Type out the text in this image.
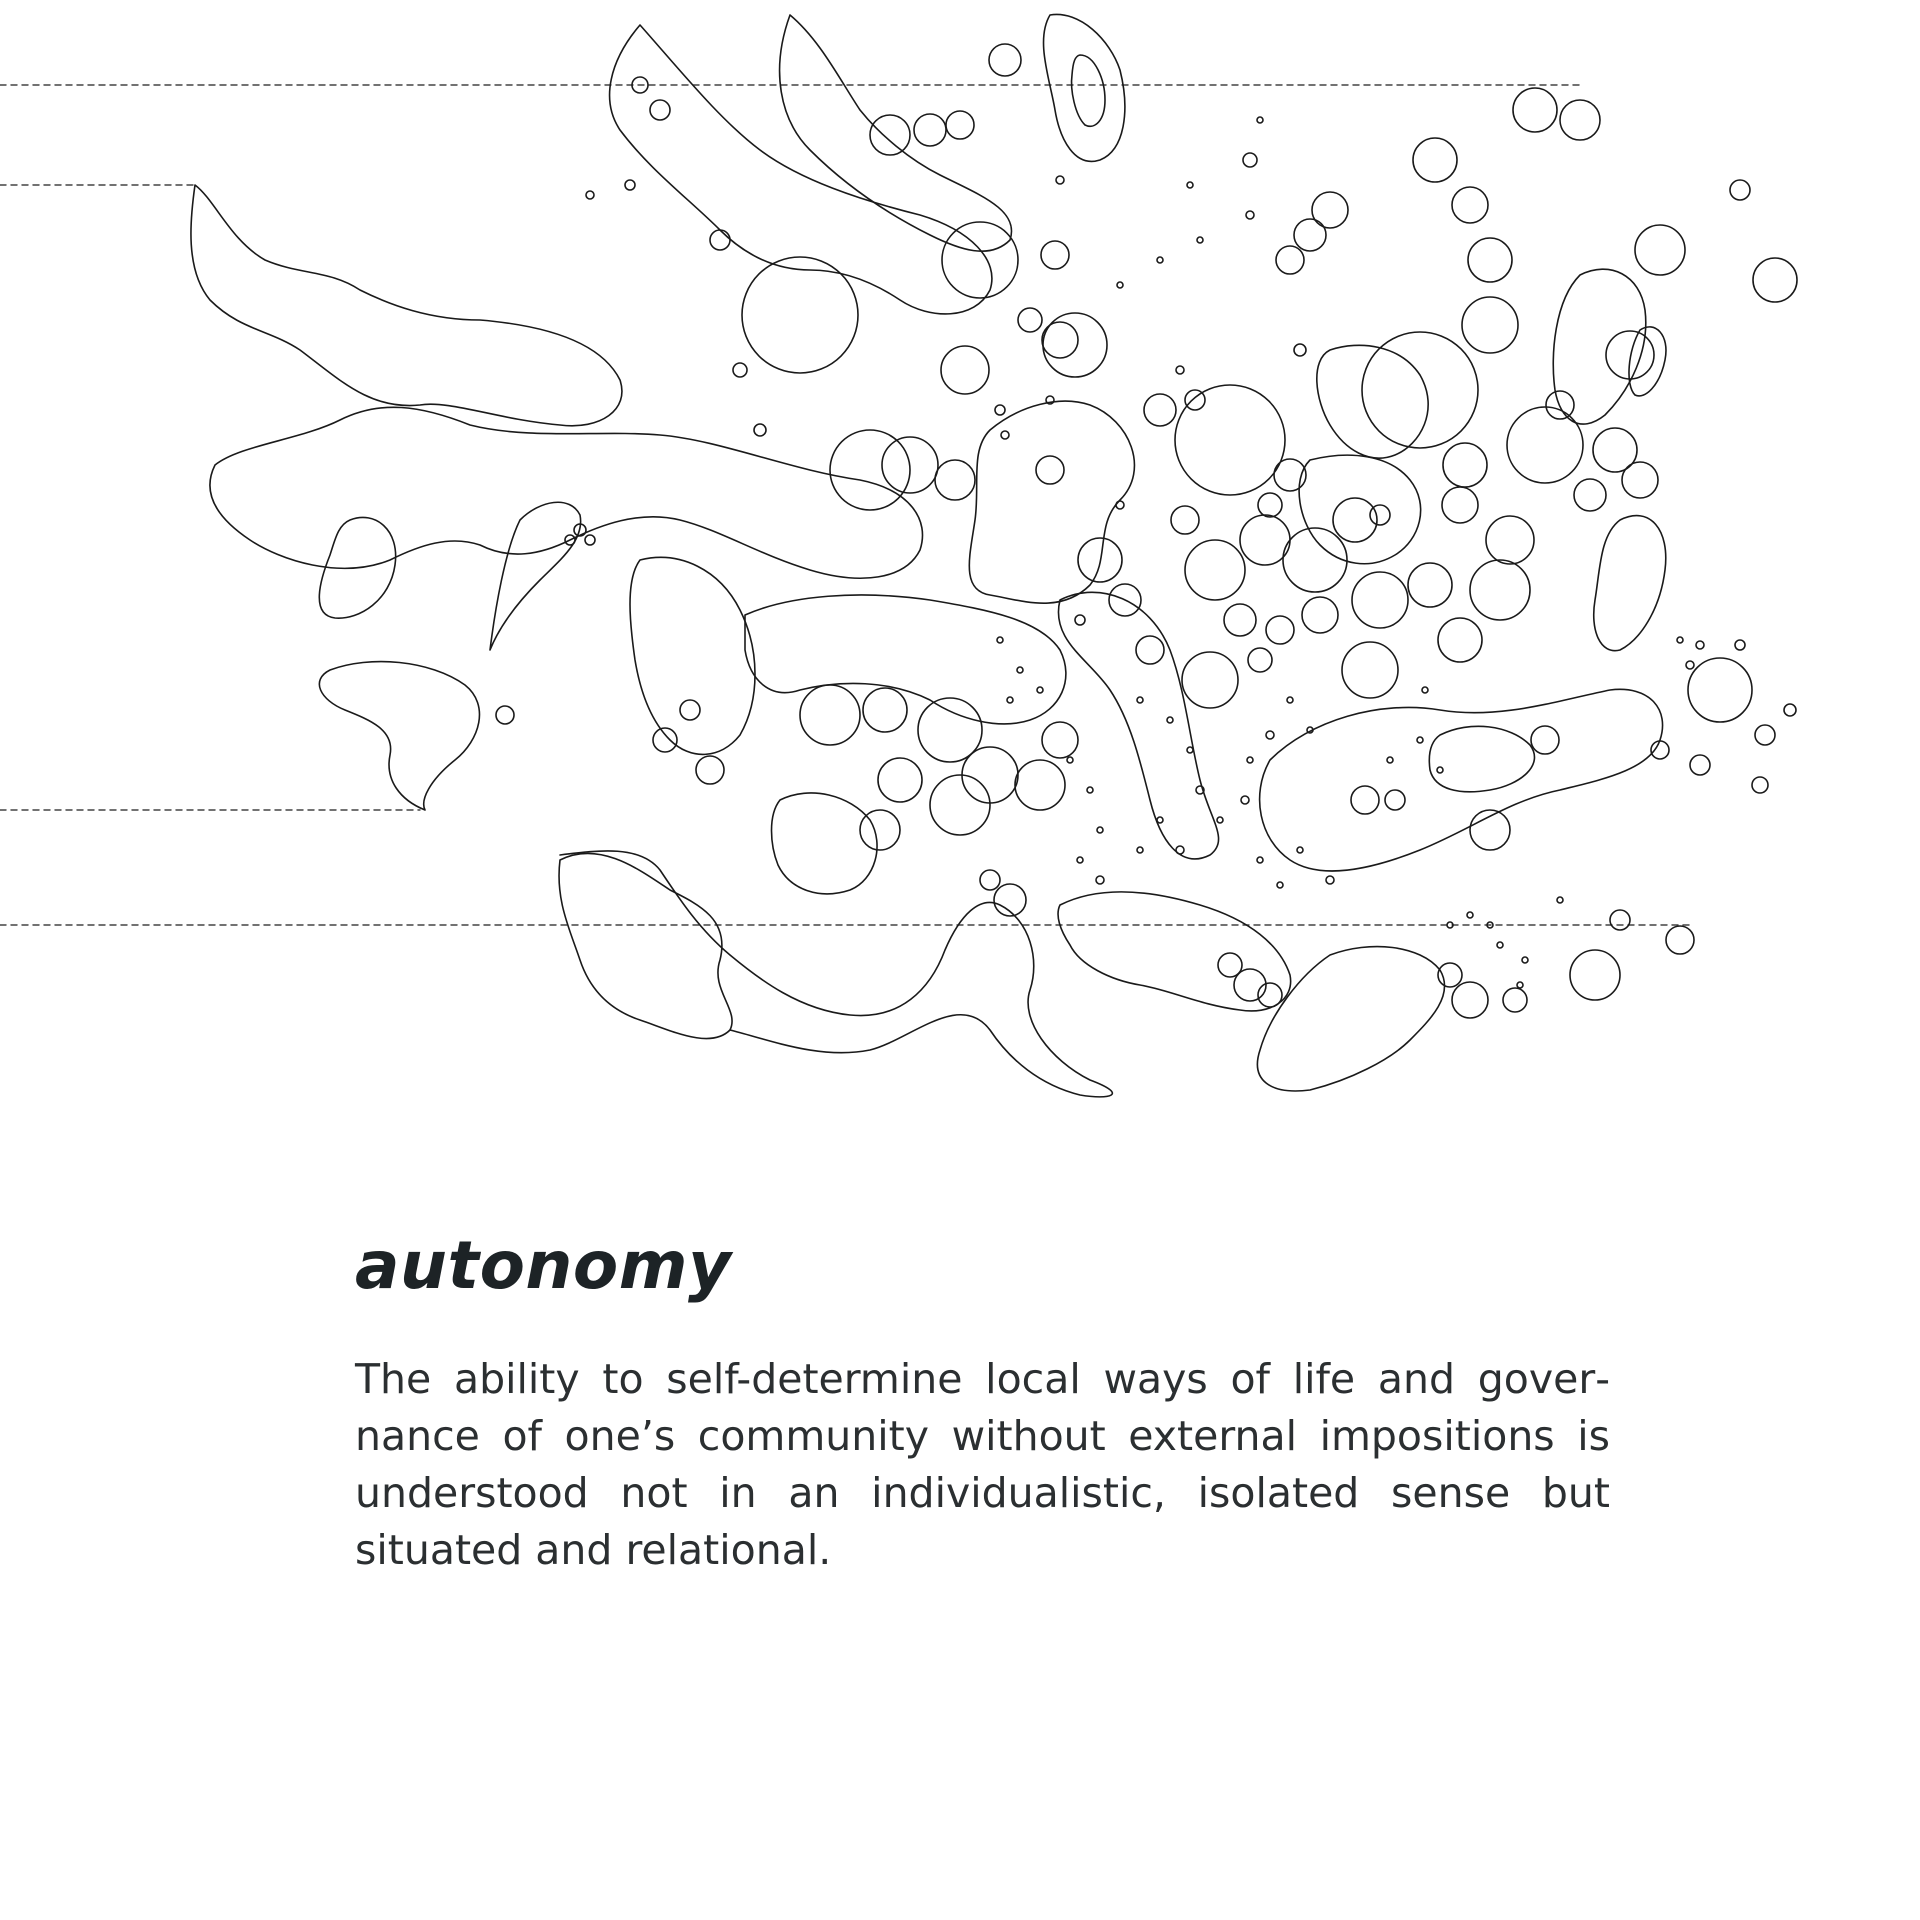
autonomy

The ability to self-determine local ways of life and governance of one’s community without external impositions is understood not in an individualistic, isolated sense but situated and relational.
